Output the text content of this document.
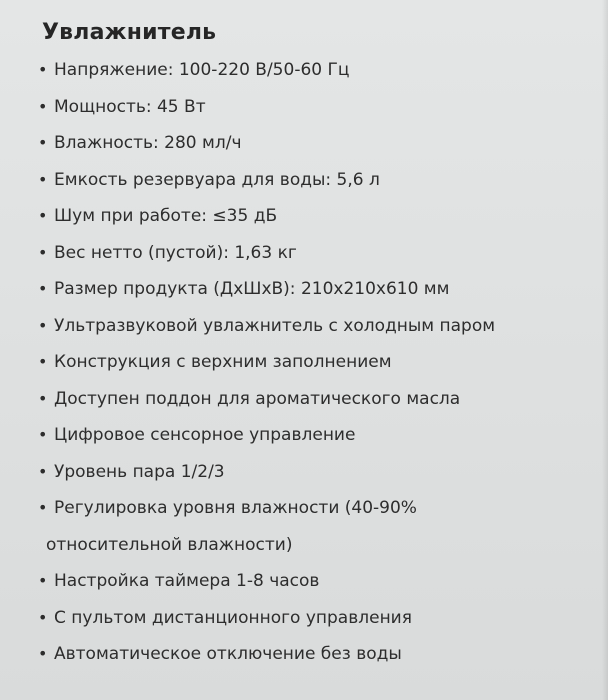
Увлажнитель
• Напряжение: 100-220 В/50-60 Гц
• Мощность: 45 Вт
• Влажность: 280 мл/ч
• Емкость резервуара для воды: 5,6 л
• Шум при работе: ≤35 дБ
• Вес нетто (пустой): 1,63 кг
• Размер продукта (ДхШхВ): 210х210х610 мм
• Ультразвуковой увлажнитель с холодным паром
• Конструкция с верхним заполнением
• Доступен поддон для ароматического масла
• Цифровое сенсорное управление
• Уровень пара 1/2/3
• Регулировка уровня влажности (40-90%
относительной влажности)
• Настройка таймера 1-8 часов
• С пультом дистанционного управления
• Автоматическое отключение без воды
